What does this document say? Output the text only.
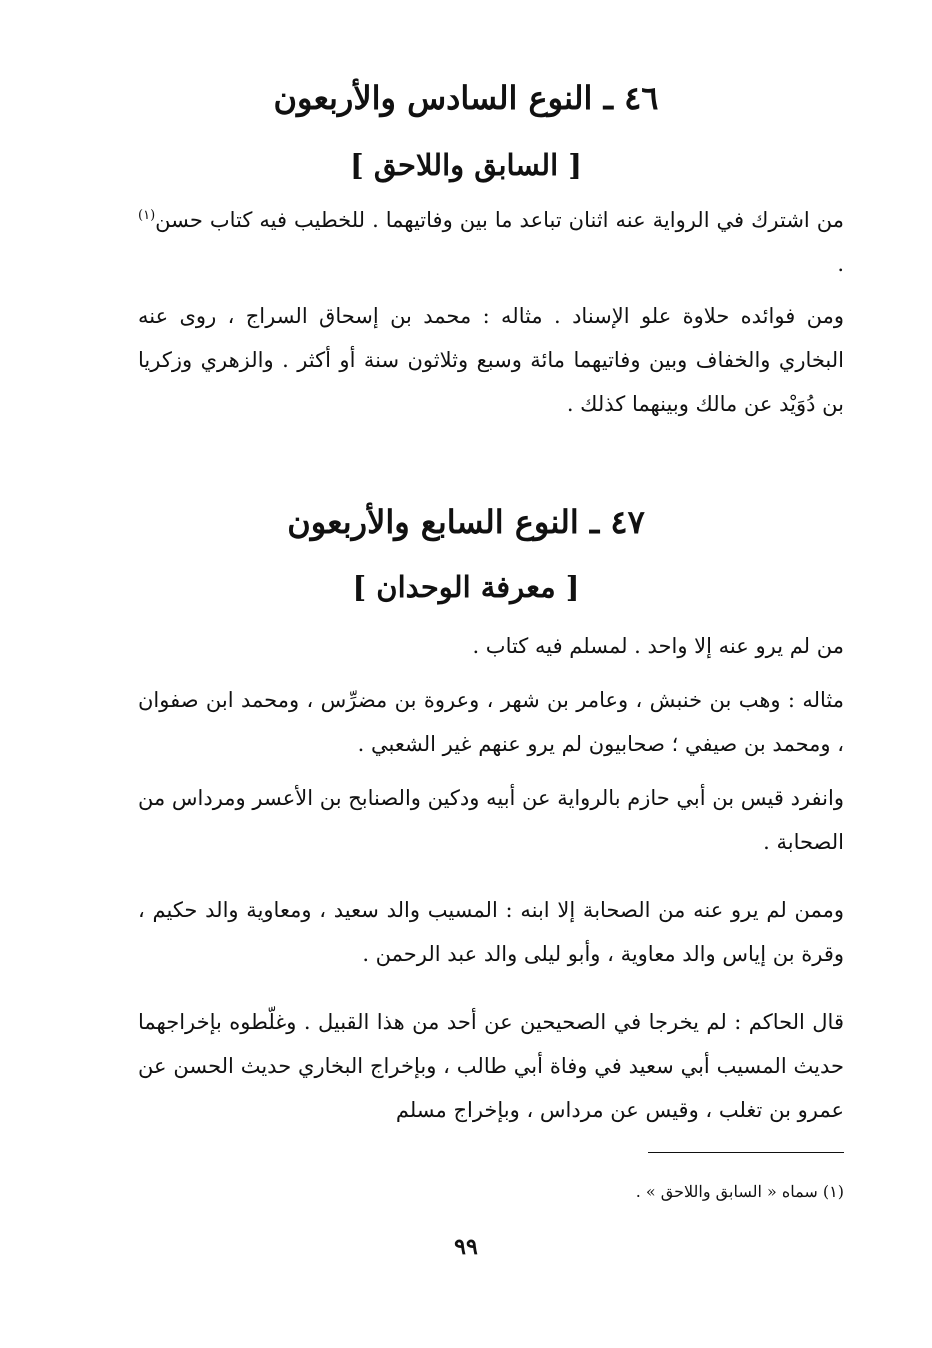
٤٦ ـ النوع السادس والأربعون
[ السابق واللاحق ]

من اشترك في الرواية عنه اثنان تباعد ما بين وفاتيهما . للخطيب فيه كتاب حسن$^{(١)}$ .

ومن فوائده حلاوة علو الإسناد . مثاله : محمد بن إسحاق السراج ، روى عنه البخاري والخفاف وبين وفاتيهما مائة وسبع وثلاثون سنة أو أكثر . والزهري وزكريا بن دُوَيْد عن مالك وبينهما كذلك .

٤٧ ـ النوع السابع والأربعون
[ معرفة الوحدان ]

من لم يرو عنه إلا واحد . لمسلم فيه كتاب .

مثاله : وهب بن خنبش ، وعامر بن شهر ، وعروة بن مضرِّس ، ومحمد ابن صفوان ، ومحمد بن صيفي ؛ صحابيون لم يرو عنهم غير الشعبي .

وانفرد قيس بن أبي حازم بالرواية عن أبيه ودكين والصنابح بن الأعسر ومرداس من الصحابة .

وممن لم يرو عنه من الصحابة إلا ابنه : المسيب والد سعيد ، ومعاوية والد حكيم ، وقرة بن إياس والد معاوية ، وأبو ليلى والد عبد الرحمن .

قال الحاكم : لم يخرجا في الصحيحين عن أحد من هذا القبيل . وغلّطوه بإخراجهما حديث المسيب أبي سعيد في وفاة أبي طالب ، وبإخراج البخاري حديث الحسن عن عمرو بن تغلب ، وقيس عن مرداس ، وبإخراج مسلم

(١) سماه « السابق واللاحق » .
٩٩
